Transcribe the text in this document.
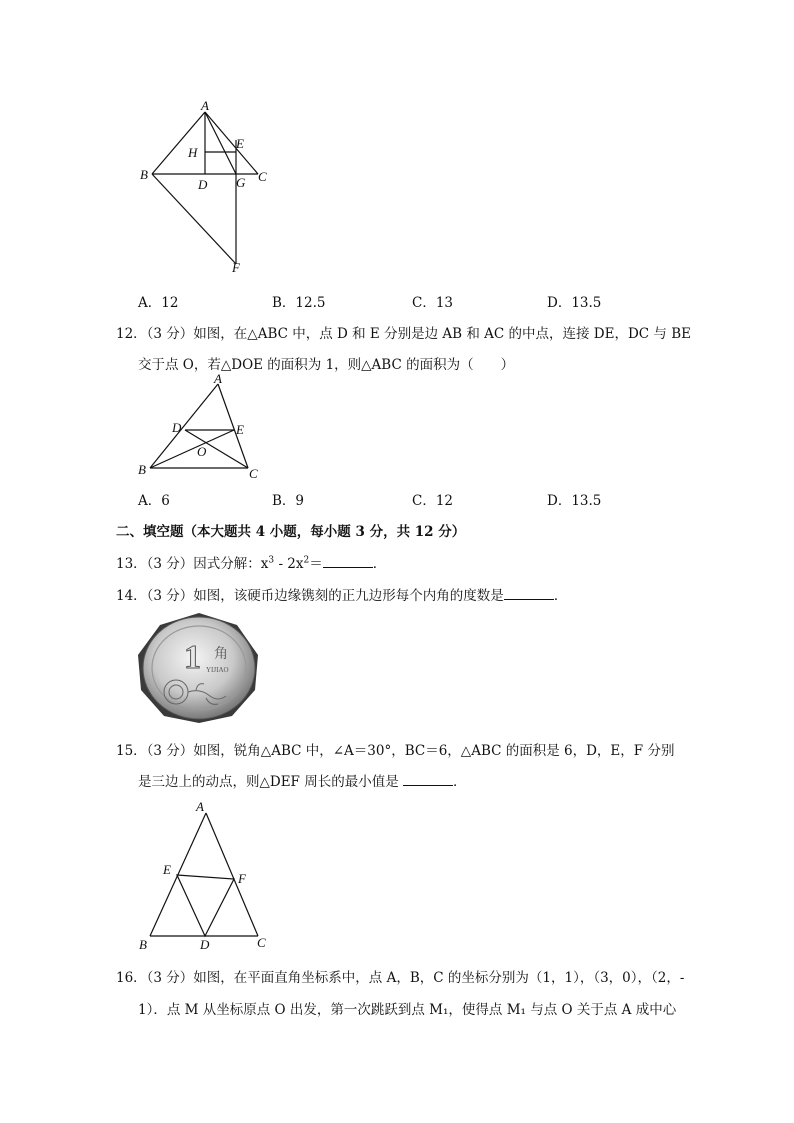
A
B	C
D
E
F
G
H
A．12	B．12.5	C．13	D．13.5
12．（3 分）如图，在△ABC 中，点 D 和 E 分别是边 AB 和 AC 的中点，连接 DE，DC 与 BE
交于点 O，若△DOE 的面积为 1，则△ABC 的面积为（　　）
A
B	C
D	E
O
A．6	B．9	C．12	D．13.5
二、填空题（本大题共 4 小题，每小题 3 分，共 12 分）
13．（3 分）因式分解：$x^3 - 2x^2=$	．
14．（3 分）如图，该硬币边缘镌刻的正九边形每个内角的度数是	．
1 角
YIJIAO
15．（3 分）如图，锐角△ABC 中，∠A＝30°，BC＝6，△ABC 的面积是 6，D，E，F 分别
是三边上的动点，则△DEF 周长的最小值是	．
A
B	C
D
E
F
16．（3 分）如图，在平面直角坐标系中，点 A，B，C 的坐标分别为（1，1），（3，0），（2，-
1）．点 M 从坐标原点 O 出发，第一次跳跃到点 M₁，使得点 M₁ 与点 O 关于点 A 成中心
